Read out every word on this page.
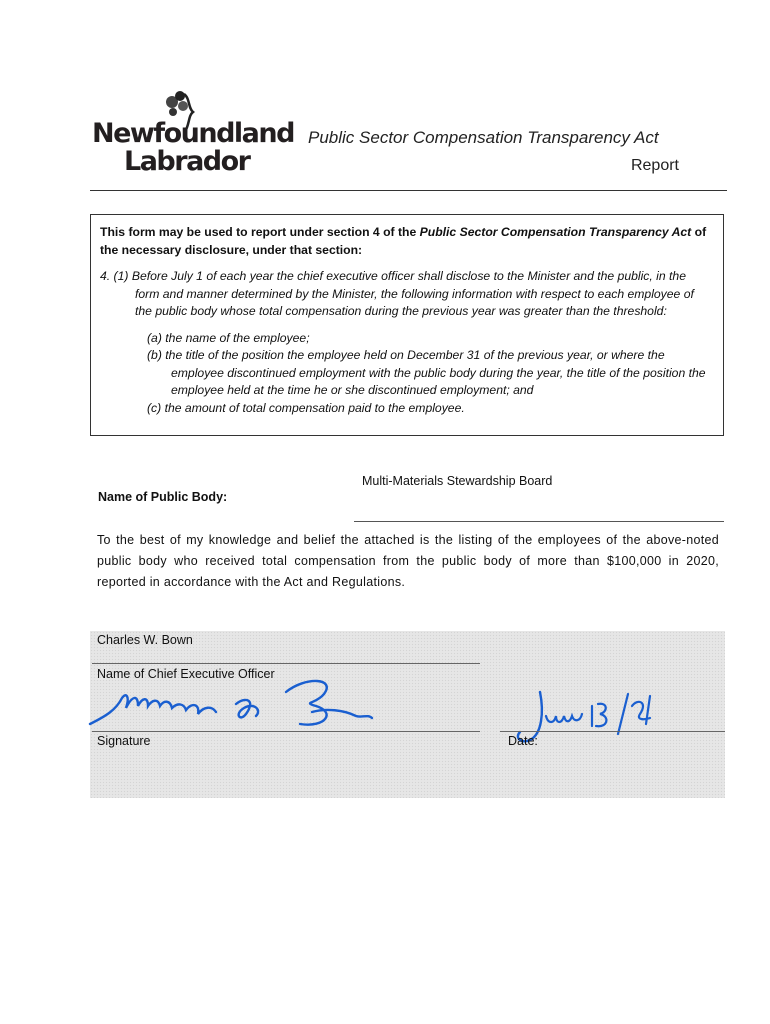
Newfoundland
Labrador
Public Sector Compensation Transparency Act
Report

This form may be used to report under section 4 of the Public Sector Compensation Transparency Act of the necessary disclosure, under that section:

4. (1) Before July 1 of each year the chief executive officer shall disclose to the Minister and the public, in the form and manner determined by the Minister, the following information with respect to each employee of the public body whose total compensation during the previous year was greater than the threshold:

(a) the name of the employee;
(b) the title of the position the employee held on December 31 of the previous year, or where the employee discontinued employment with the public body during the year, the title of the position the employee held at the time he or she discontinued employment; and
(c) the amount of total compensation paid to the employee.
Multi-Materials Stewardship Board
Name of Public Body:
To the best of my knowledge and belief the attached is the listing of the employees of the above-noted public body who received total compensation from the public body of more than $100,000 in 2020, reported in accordance with the Act and Regulations.
Charles W. Bown
Name of Chief Executive Officer
Signature	Date:
